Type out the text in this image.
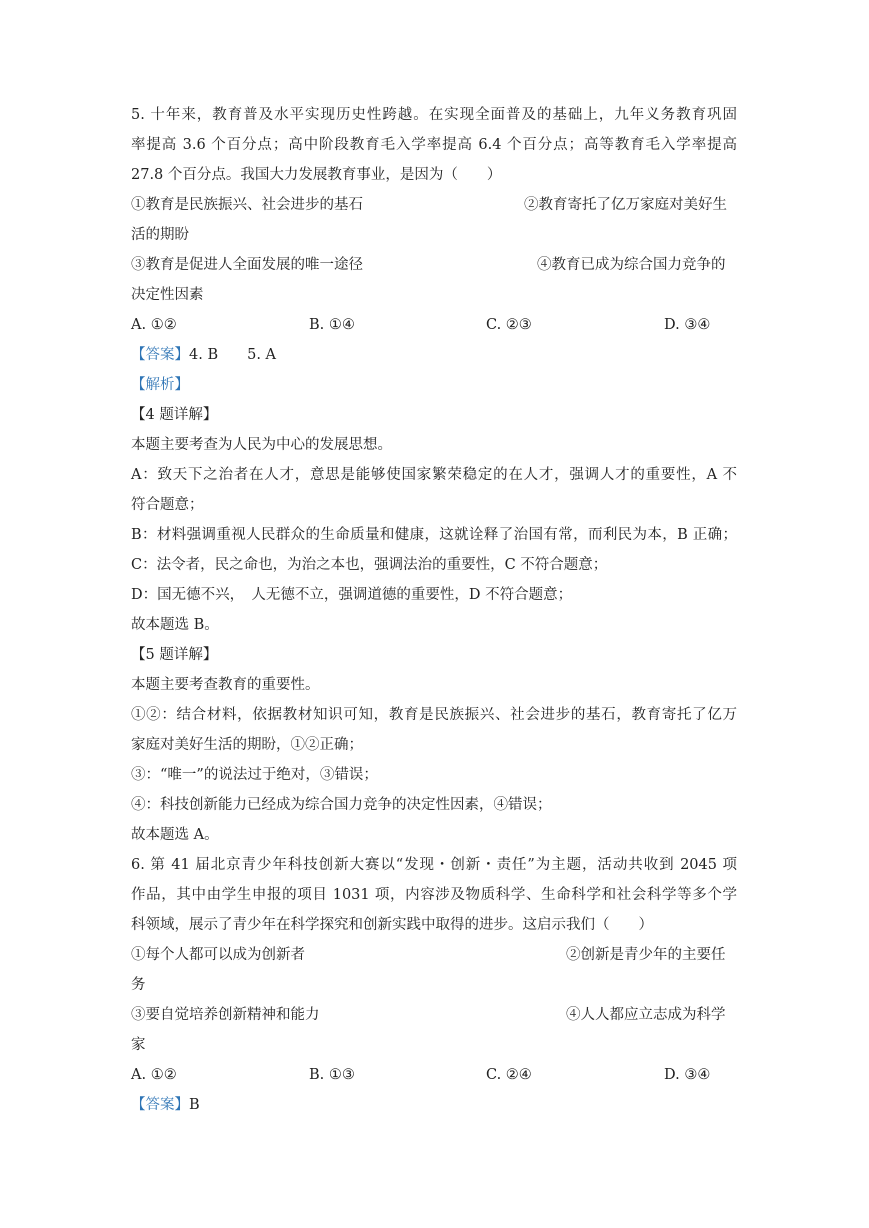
5. 十年来，教育普及水平实现历史性跨越。在实现全面普及的基础上，九年义务教育巩固
率提高 3.6 个百分点；高中阶段教育毛入学率提高 6.4 个百分点；高等教育毛入学率提高
27.8 个百分点。我国大力发展教育事业，是因为（　　）
①教育是民族振兴、社会进步的基石	②教育寄托了亿万家庭对美好生
活的期盼
③教育是促进人全面发展的唯一途径	④教育已成为综合国力竞争的
决定性因素
A. ①②	B. ①④	C. ②③	D. ③④
【答案】4. B　　5. A
【解析】
【4 题详解】
本题主要考查为人民为中心的发展思想。
A：致天下之治者在人才，意思是能够使国家繁荣稳定的在人才，强调人才的重要性，A 不
符合题意；
B：材料强调重视人民群众的生命质量和健康，这就诠释了治国有常，而利民为本，B 正确；
C：法令者，民之命也，为治之本也，强调法治的重要性，C 不符合题意；
D：国无德不兴，　人无德不立，强调道德的重要性，D 不符合题意；
故本题选 B。
【5 题详解】
本题主要考查教育的重要性。
①②：结合材料，依据教材知识可知，教育是民族振兴、社会进步的基石，教育寄托了亿万
家庭对美好生活的期盼，①②正确；
③：“唯一”的说法过于绝对，③错误；
④：科技创新能力已经成为综合国力竞争的决定性因素，④错误；
故本题选 A。
6. 第 41 届北京青少年科技创新大赛以“发现・创新・责任”为主题，活动共收到 2045 项
作品，其中由学生申报的项目 1031 项，内容涉及物质科学、生命科学和社会科学等多个学
科领域，展示了青少年在科学探究和创新实践中取得的进步。这启示我们（　　）
①每个人都可以成为创新者	②创新是青少年的主要任
务
③要自觉培养创新精神和能力	④人人都应立志成为科学
家
A. ①②	B. ①③	C. ②④	D. ③④
【答案】B
